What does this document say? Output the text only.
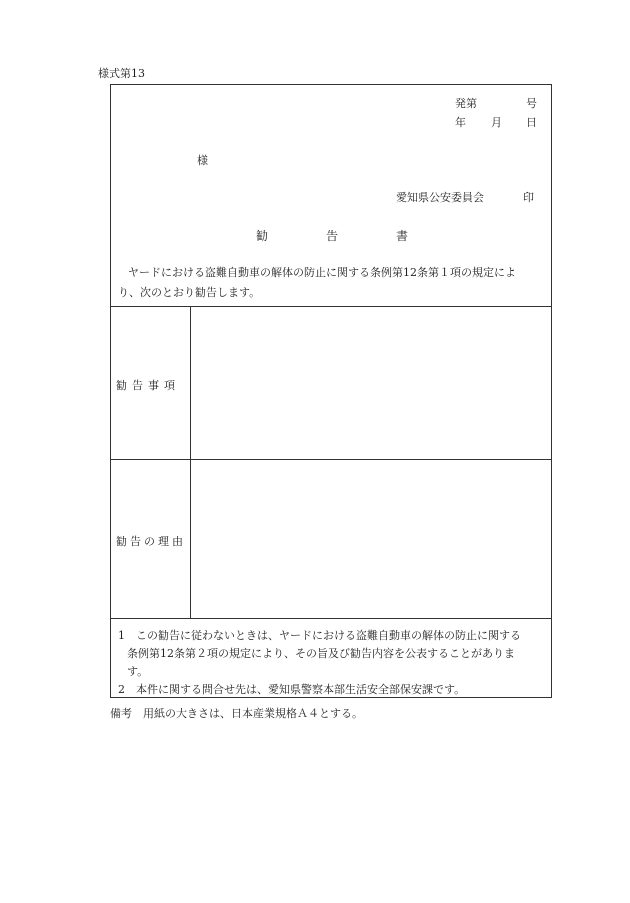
様式第13
発第	号
年 月 日
様
愛知県公安委員会	印
勧	告	書
ヤードにおける盗難自動車の解体の防止に関する条例第12条第１項の規定によ
り、次のとおり勧告します。
勧告事項
勧告の理由
1　この勧告に従わないときは、ヤードにおける盗難自動車の解体の防止に関する
条例第12条第２項の規定により、その旨及び勧告内容を公表することがありま
す。
2　本件に関する問合せ先は、愛知県警察本部生活安全部保安課です。
備考　用紙の大きさは、日本産業規格Ａ４とする。
